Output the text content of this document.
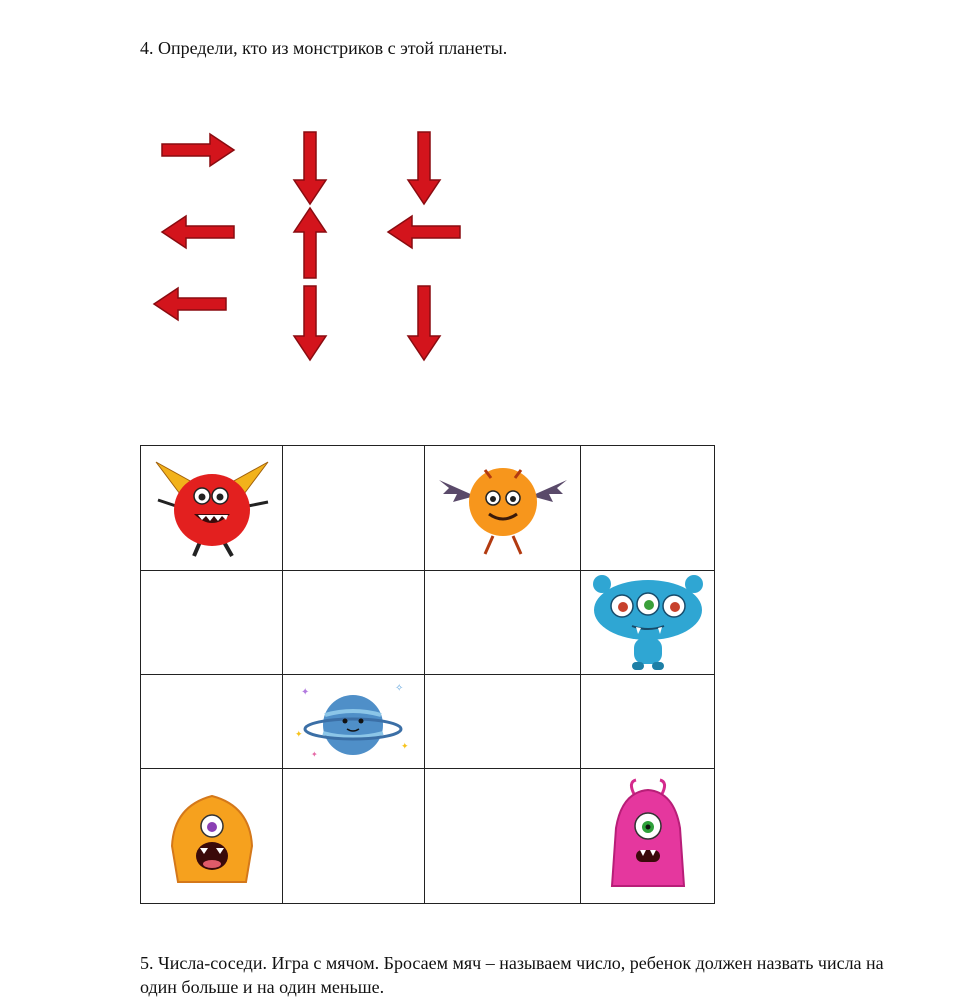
4. Определи, кто из монстриков с этой планеты.

✦ ✧
✦
✦
✦		

5. Числа-соседи. Игра с мячом. Бросаем мяч – называем число, ребенок должен назвать числа на один больше и на один меньше.
